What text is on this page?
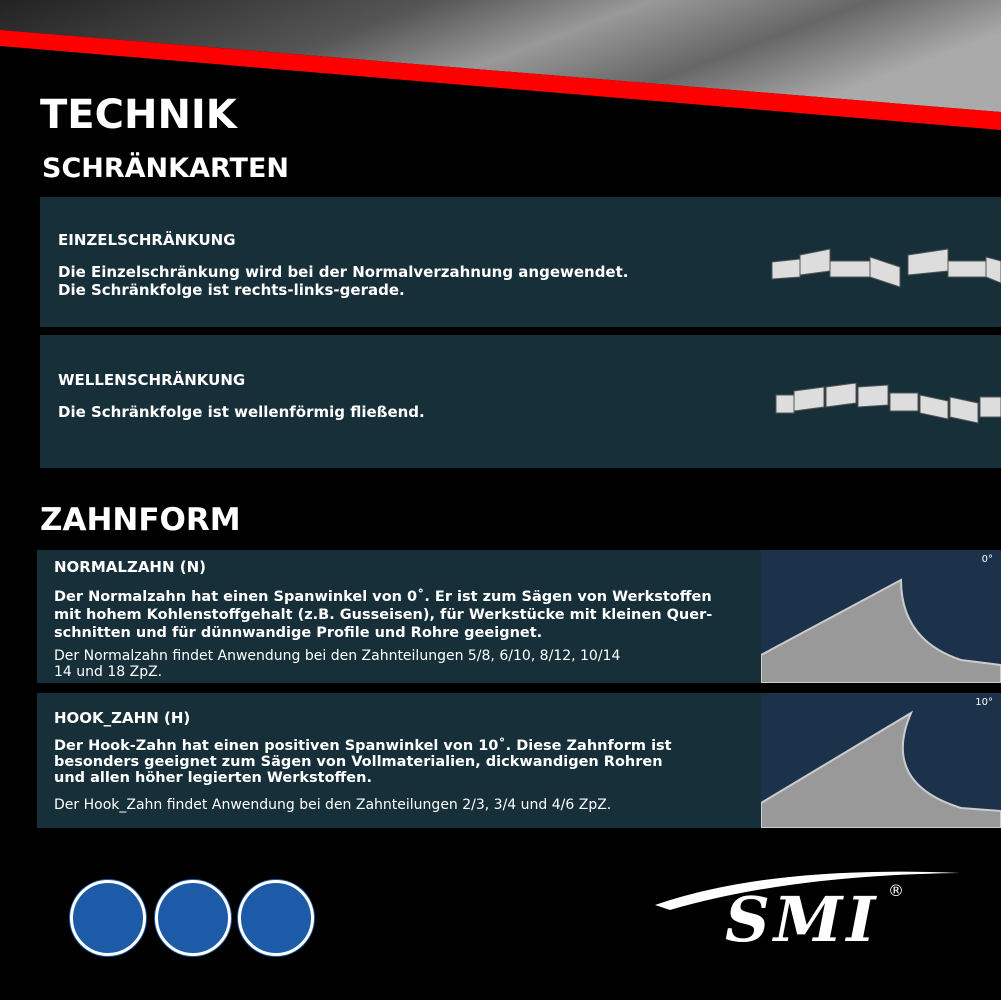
TECHNIK
SCHRÄNKARTEN
EINZELSCHRÄNKUNG
Die Einzelschränkung wird bei der Normalverzahnung angewendet.
Die Schränkfolge ist rechts-links-gerade.
WELLENSCHRÄNKUNG
Die Schränkfolge ist wellenförmig fließend.
ZAHNFORM
NORMALZAHN (N)
Der Normalzahn hat einen Spanwinkel von 0˚. Er ist zum Sägen von Werkstoffen
mit hohem Kohlenstoffgehalt (z.B. Gusseisen), für Werkstücke mit kleinen Quer-
schnitten und für dünnwandige Profile und Rohre geeignet.
Der Normalzahn findet Anwendung bei den Zahnteilungen 5/8, 6/10, 8/12, 10/14
14 und 18 ZpZ.
0°
HOOK_ZAHN (H)
Der Hook-Zahn hat einen positiven Spanwinkel von 10˚. Diese Zahnform ist
besonders geeignet zum Sägen von Vollmaterialien, dickwandigen Rohren
und allen höher legierten Werkstoffen.
Der Hook_Zahn findet Anwendung bei den Zahnteilungen 2/3, 3/4 und 4/6 ZpZ.
10°
SMI ®
